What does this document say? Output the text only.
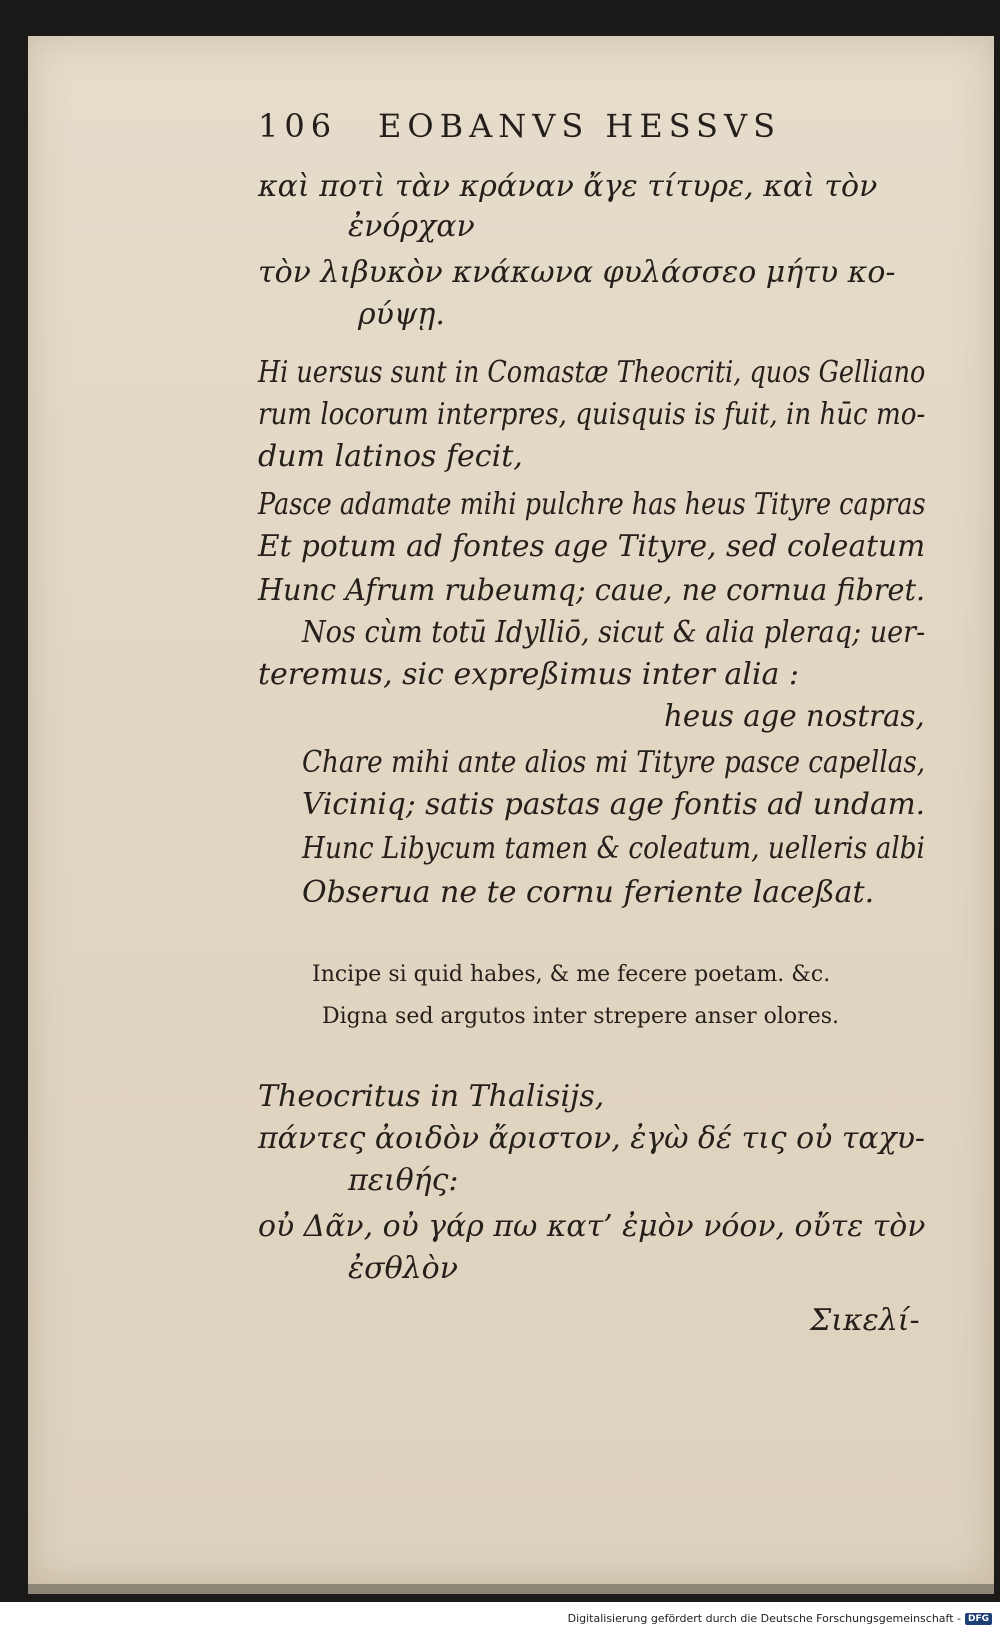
106 EOBANVS HESSVS
καὶ ποτὶ τὰν κράναν ἄγε τίτυρε, καὶ τὸν
ἐνόρχαν
τὸν λιβυκὸν κνάκωνα φυλάσσεο μήτυ κο-
ρύψῃ.
Hi uersus sunt in Comastæ Theocriti, quos Gelliano
rum locorum interpres, quisquis is fuit, in hūc mo-
dum latinos fecit,
Pasce adamate mihi pulchre has heus Tityre capras
Et potum ad fontes age Tityre, sed coleatum
Hunc Afrum rubeumq; caue, ne cornua fibret.
Nos cùm totū Idylliō, sicut & alia pleraq; uer-
teremus, sic expreßimus inter alia :
heus age nostras,
Chare mihi ante alios mi Tityre pasce capellas,
Viciniq; satis pastas age fontis ad undam.
Hunc Libycum tamen & coleatum, uelleris albi
Obserua ne te cornu feriente laceßat.
Incipe si quid habes, & me fecere poetam. &c.
Digna sed argutos inter strepere anser olores.
Theocritus in Thalisijs,
πάντες ἀοιδὸν ἄριστον, ἐγὼ δέ τις οὐ ταχυ-
πειθής:
οὐ Δᾶν, οὐ γάρ πω κατ’ ἐμὸν νόον, οὔτε τὸν
ἐσθλὸν
Σικελί-
Digitalisierung gefördert durch die Deutsche Forschungsgemeinschaft - DFG
